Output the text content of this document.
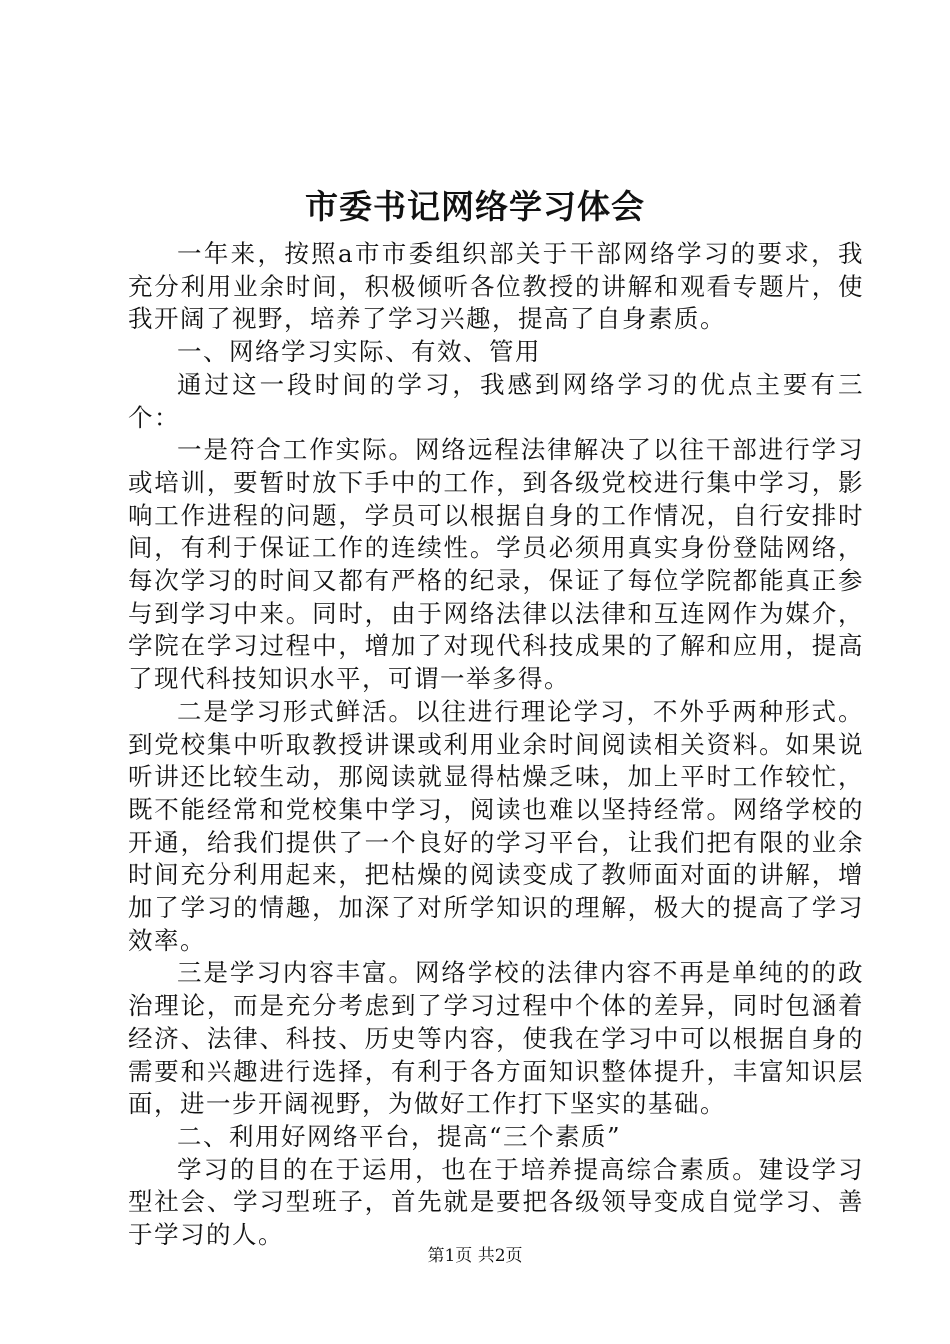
市委书记网络学习体会

一年来，按照a市市委组织部关于干部网络学习的要求，我充分利用业余时间，积极倾听各位教授的讲解和观看专题片，使我开阔了视野，培养了学习兴趣，提高了自身素质。

一、网络学习实际、有效、管用

通过这一段时间的学习，我感到网络学习的优点主要有三个：

一是符合工作实际。网络远程法律解决了以往干部进行学习或培训，要暂时放下手中的工作，到各级党校进行集中学习，影响工作进程的问题，学员可以根据自身的工作情况，自行安排时间，有利于保证工作的连续性。学员必须用真实身份登陆网络，每次学习的时间又都有严格的纪录，保证了每位学院都能真正参与到学习中来。同时，由于网络法律以法律和互连网作为媒介，学院在学习过程中，增加了对现代科技成果的了解和应用，提高了现代科技知识水平，可谓一举多得。

二是学习形式鲜活。以往进行理论学习，不外乎两种形式。到党校集中听取教授讲课或利用业余时间阅读相关资料。如果说听讲还比较生动，那阅读就显得枯燥乏味，加上平时工作较忙，既不能经常和党校集中学习，阅读也难以坚持经常。网络学校的开通，给我们提供了一个良好的学习平台，让我们把有限的业余时间充分利用起来，把枯燥的阅读变成了教师面对面的讲解，增加了学习的情趣，加深了对所学知识的理解，极大的提高了学习效率。

三是学习内容丰富。网络学校的法律内容不再是单纯的的政治理论，而是充分考虑到了学习过程中个体的差异，同时包涵着经济、法律、科技、历史等内容，使我在学习中可以根据自身的需要和兴趣进行选择，有利于各方面知识整体提升，丰富知识层面，进一步开阔视野，为做好工作打下坚实的基础。

二、利用好网络平台，提高“三个素质”

学习的目的在于运用，也在于培养提高综合素质。建设学习型社会、学习型班子，首先就是要把各级领导变成自觉学习、善于学习的人。

第1页 共2页
